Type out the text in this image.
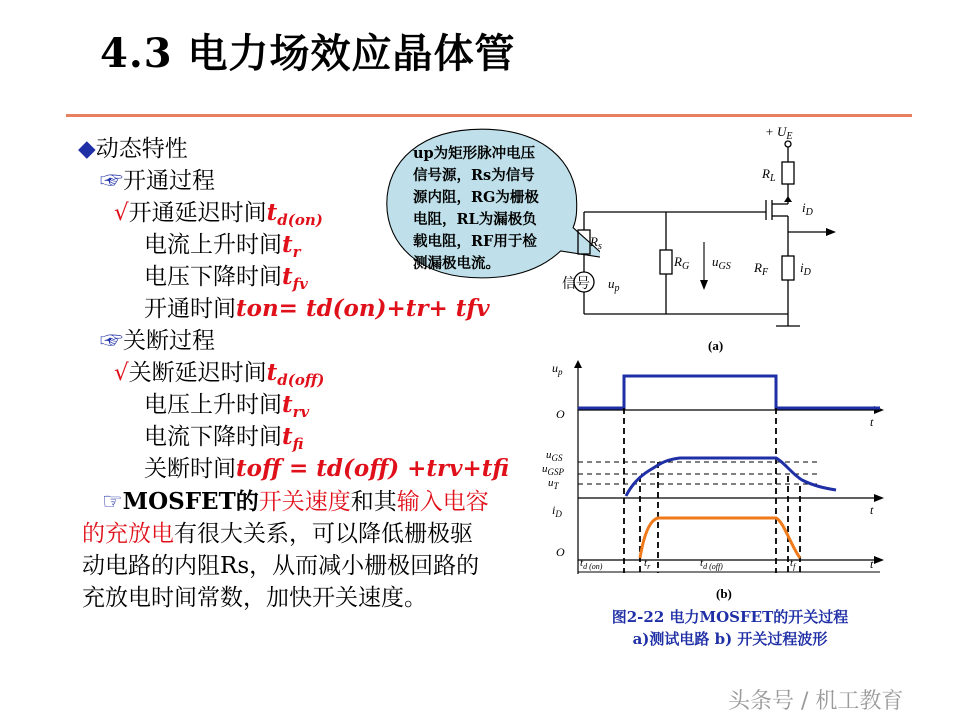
4.3 电力场效应晶体管
◆动态特性
☞开通过程
√开通延迟时间$t_{d(on)}$
电流上升时间$t_r$
电压下降时间$t_{fv}$
开通时间ton= td(on)+tr+ tfv
☞关断过程
√关断延迟时间$t_{d(off)}$
电压上升时间$t_{rv}$
电流下降时间$t_{fi}$
关断时间toff = td(off) +trv+tfi
☞MOSFET的开关速度和其输入电容的充放电有很大关系，可以降低栅极驱动电路的内阻Rs，从而减小栅极回路的充放电时间常数，加快开关速度。
up为矩形脉冲电压
信号源，Rs为信号
源内阻，RG为栅极
电阻，RL为漏极负
载电阻，RF用于检
测漏极电流。
+ $U_E$
$R_L$
$i_D$
$R_s$
$R_G$ $u_{GS}$ $R_F$ $i_D$
信号 $u_p$
(a)
$u_p$
O
t
$u_{GS}$
$u_{GSP}$
$u_T$
$i_D$
O
t
t
$t_{d (on)}$	$t_r$	$t_{d (off)}$	$t_f$
(b)
图2-22 电力MOSFET的开关过程
a)测试电路 b) 开关过程波形
头条号 / 机工教育
